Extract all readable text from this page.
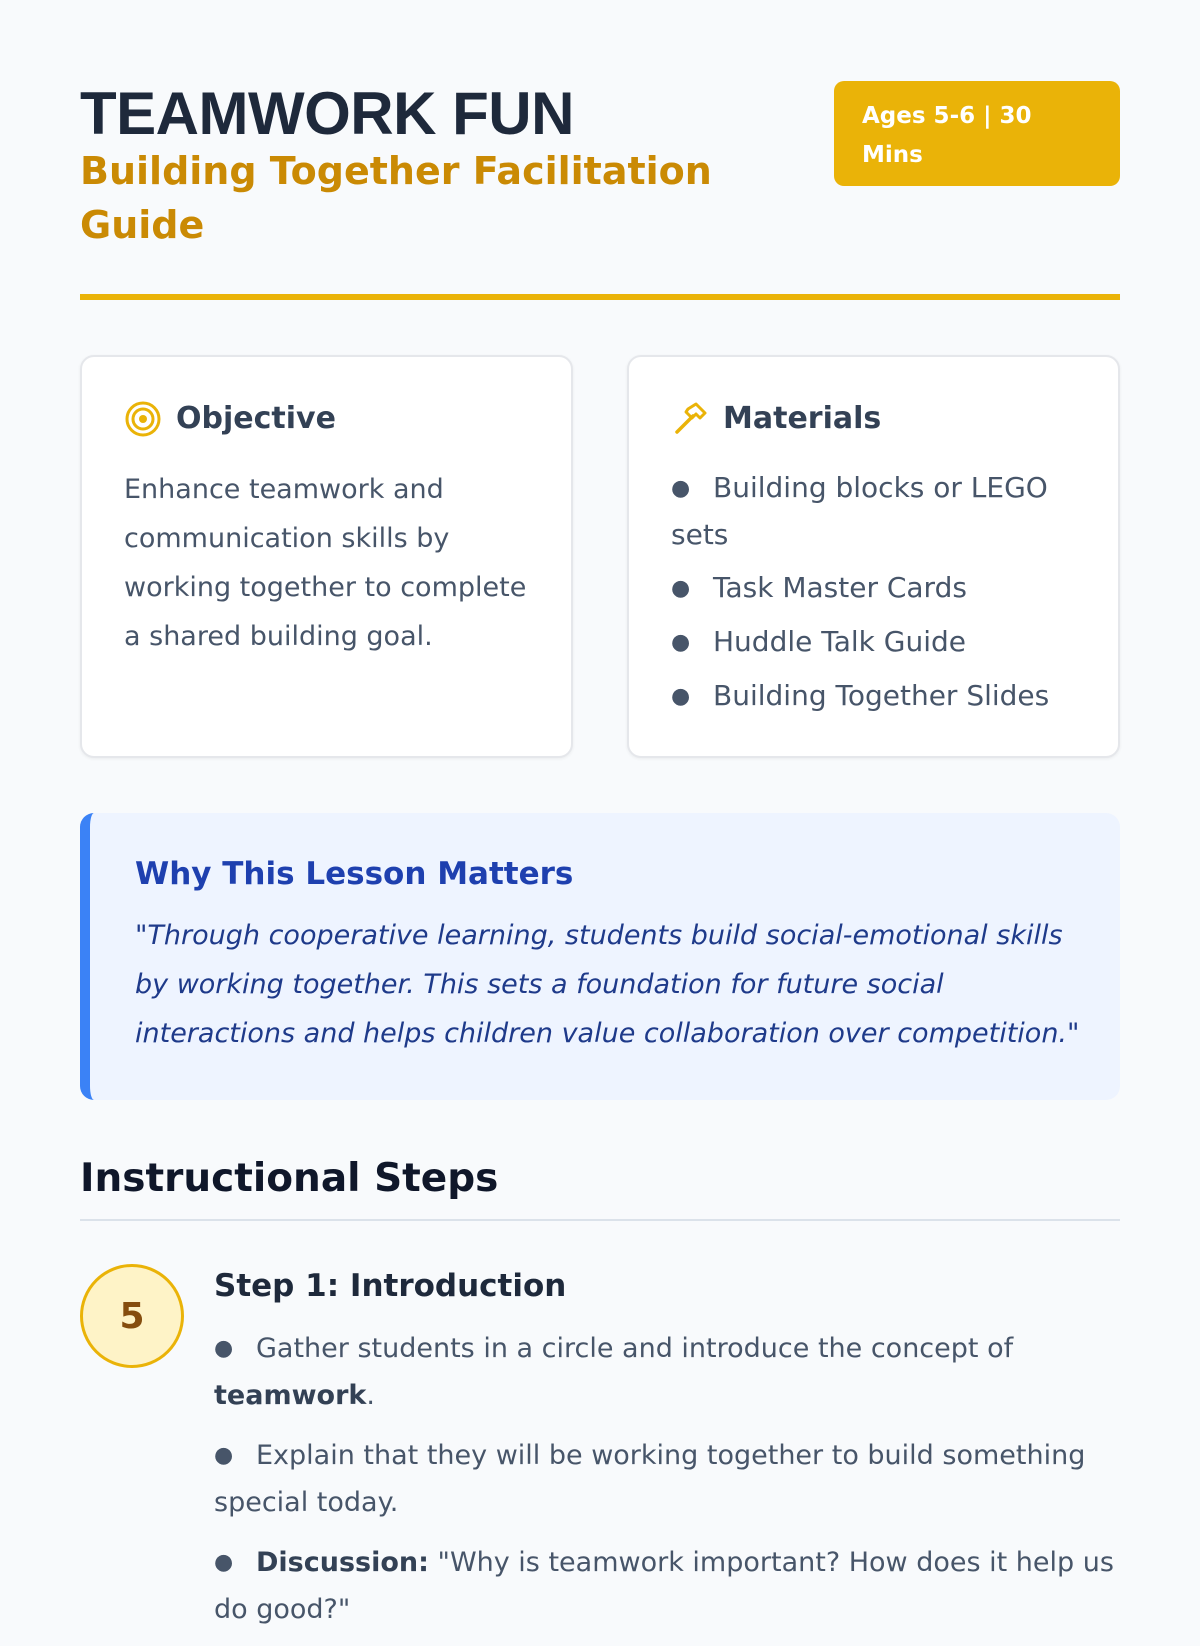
TEAMWORK FUN
Building Together Facilitation Guide
Ages 5-6 | 30 Mins
Objective
Enhance teamwork and communication skills by working together to complete a shared building goal.
Materials
● Building blocks or LEGO sets
● Task Master Cards
● Huddle Talk Guide
● Building Together Slides
Why This Lesson Matters
"Through cooperative learning, students build social-emotional skills by working together. This sets a foundation for future social interactions and helps children value collaboration over competition."
Instructional Steps
5
Step 1: Introduction
● Gather students in a circle and introduce the concept of teamwork.
● Explain that they will be working together to build something special today.
● Discussion: "Why is teamwork important? How does it help us do good?"
